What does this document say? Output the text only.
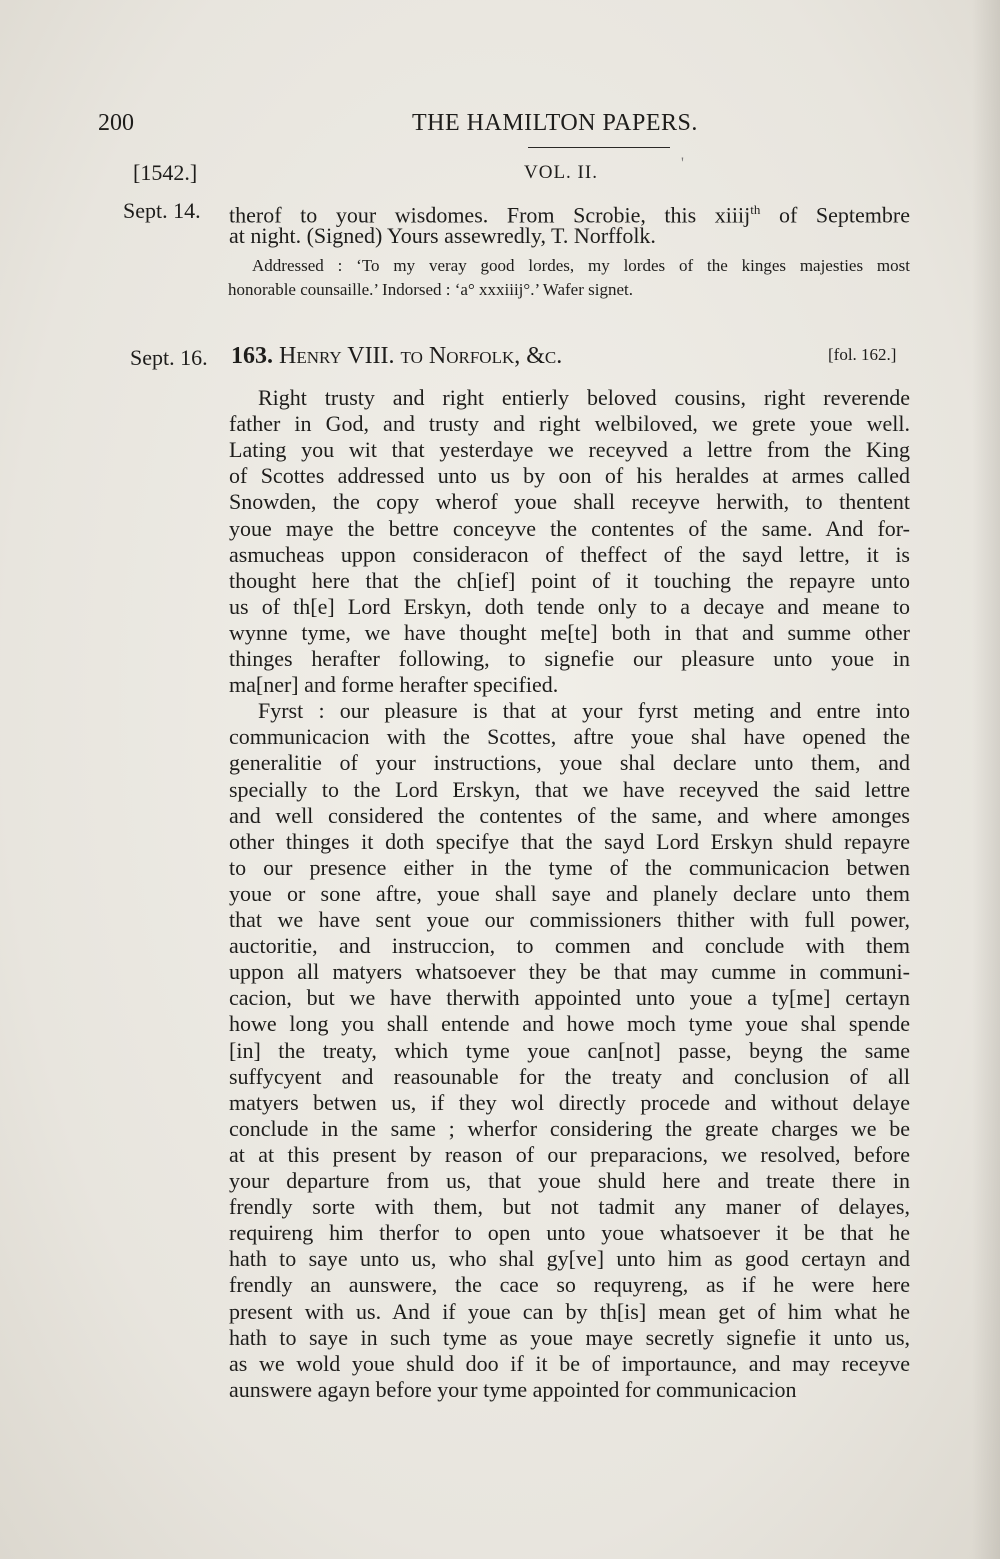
200	THE HAMILTON PAPERS.
[1542.]	VOL. II.	'
Sept. 14. therof to your wisdomes. From Scrobie, this xiiij$^{th}$ of Septembre
at night. (Signed) Yours assewredly, T. Norffolk.
Addressed : ‘To my veray good lordes, my lordes of the kinges majesties most
honorable counsaille.’ Indorsed : ‘a° xxxiiij°.’ Wafer signet.
Sept. 16. 163. Henry VIII. to Norfolk, &c.	[fol. 162.]
Right trusty and right entierly beloved cousins, right reverende
father in God, and trusty and right welbiloved, we grete youe well.
Lating you wit that yesterdaye we receyved a lettre from the King
of Scottes addressed unto us by oon of his heraldes at armes called
Snowden, the copy wherof youe shall receyve herwith, to thentent
youe maye the bettre conceyve the contentes of the same. And for-
asmucheas uppon consideracon of theffect of the sayd lettre, it is
thought here that the ch[ief] point of it touching the repayre unto
us of th[e] Lord Erskyn, doth tende only to a decaye and meane to
wynne tyme, we have thought me[te] both in that and summe other
thinges herafter following, to signefie our pleasure unto youe in
ma[ner] and forme herafter specified.
Fyrst : our pleasure is that at your fyrst meting and entre into
communicacion with the Scottes, aftre youe shal have opened the
generalitie of your instructions, youe shal declare unto them, and
specially to the Lord Erskyn, that we have receyved the said lettre
and well considered the contentes of the same, and where amonges
other thinges it doth specifye that the sayd Lord Erskyn shuld repayre
to our presence either in the tyme of the communicacion betwen
youe or sone aftre, youe shall saye and planely declare unto them
that we have sent youe our commissioners thither with full power,
auctoritie, and instruccion, to commen and conclude with them
uppon all matyers whatsoever they be that may cumme in communi-
cacion, but we have therwith appointed unto youe a ty[me] certayn
howe long you shall entende and howe moch tyme youe shal spende
[in] the treaty, which tyme youe can[not] passe, beyng the same
suffycyent and reasounable for the treaty and conclusion of all
matyers betwen us, if they wol directly procede and without delaye
conclude in the same ; wherfor considering the greate charges we be
at at this present by reason of our preparacions, we resolved, before
your departure from us, that youe shuld here and treate there in
frendly sorte with them, but not tadmit any maner of delayes,
requireng him therfor to open unto youe whatsoever it be that he
hath to saye unto us, who shal gy[ve] unto him as good certayn and
frendly an aunswere, the cace so requyreng, as if he were here
present with us. And if youe can by th[is] mean get of him what he
hath to saye in such tyme as youe maye secretly signefie it unto us,
as we wold youe shuld doo if it be of importaunce, and may receyve
aunswere agayn before your tyme appointed for communicacion
